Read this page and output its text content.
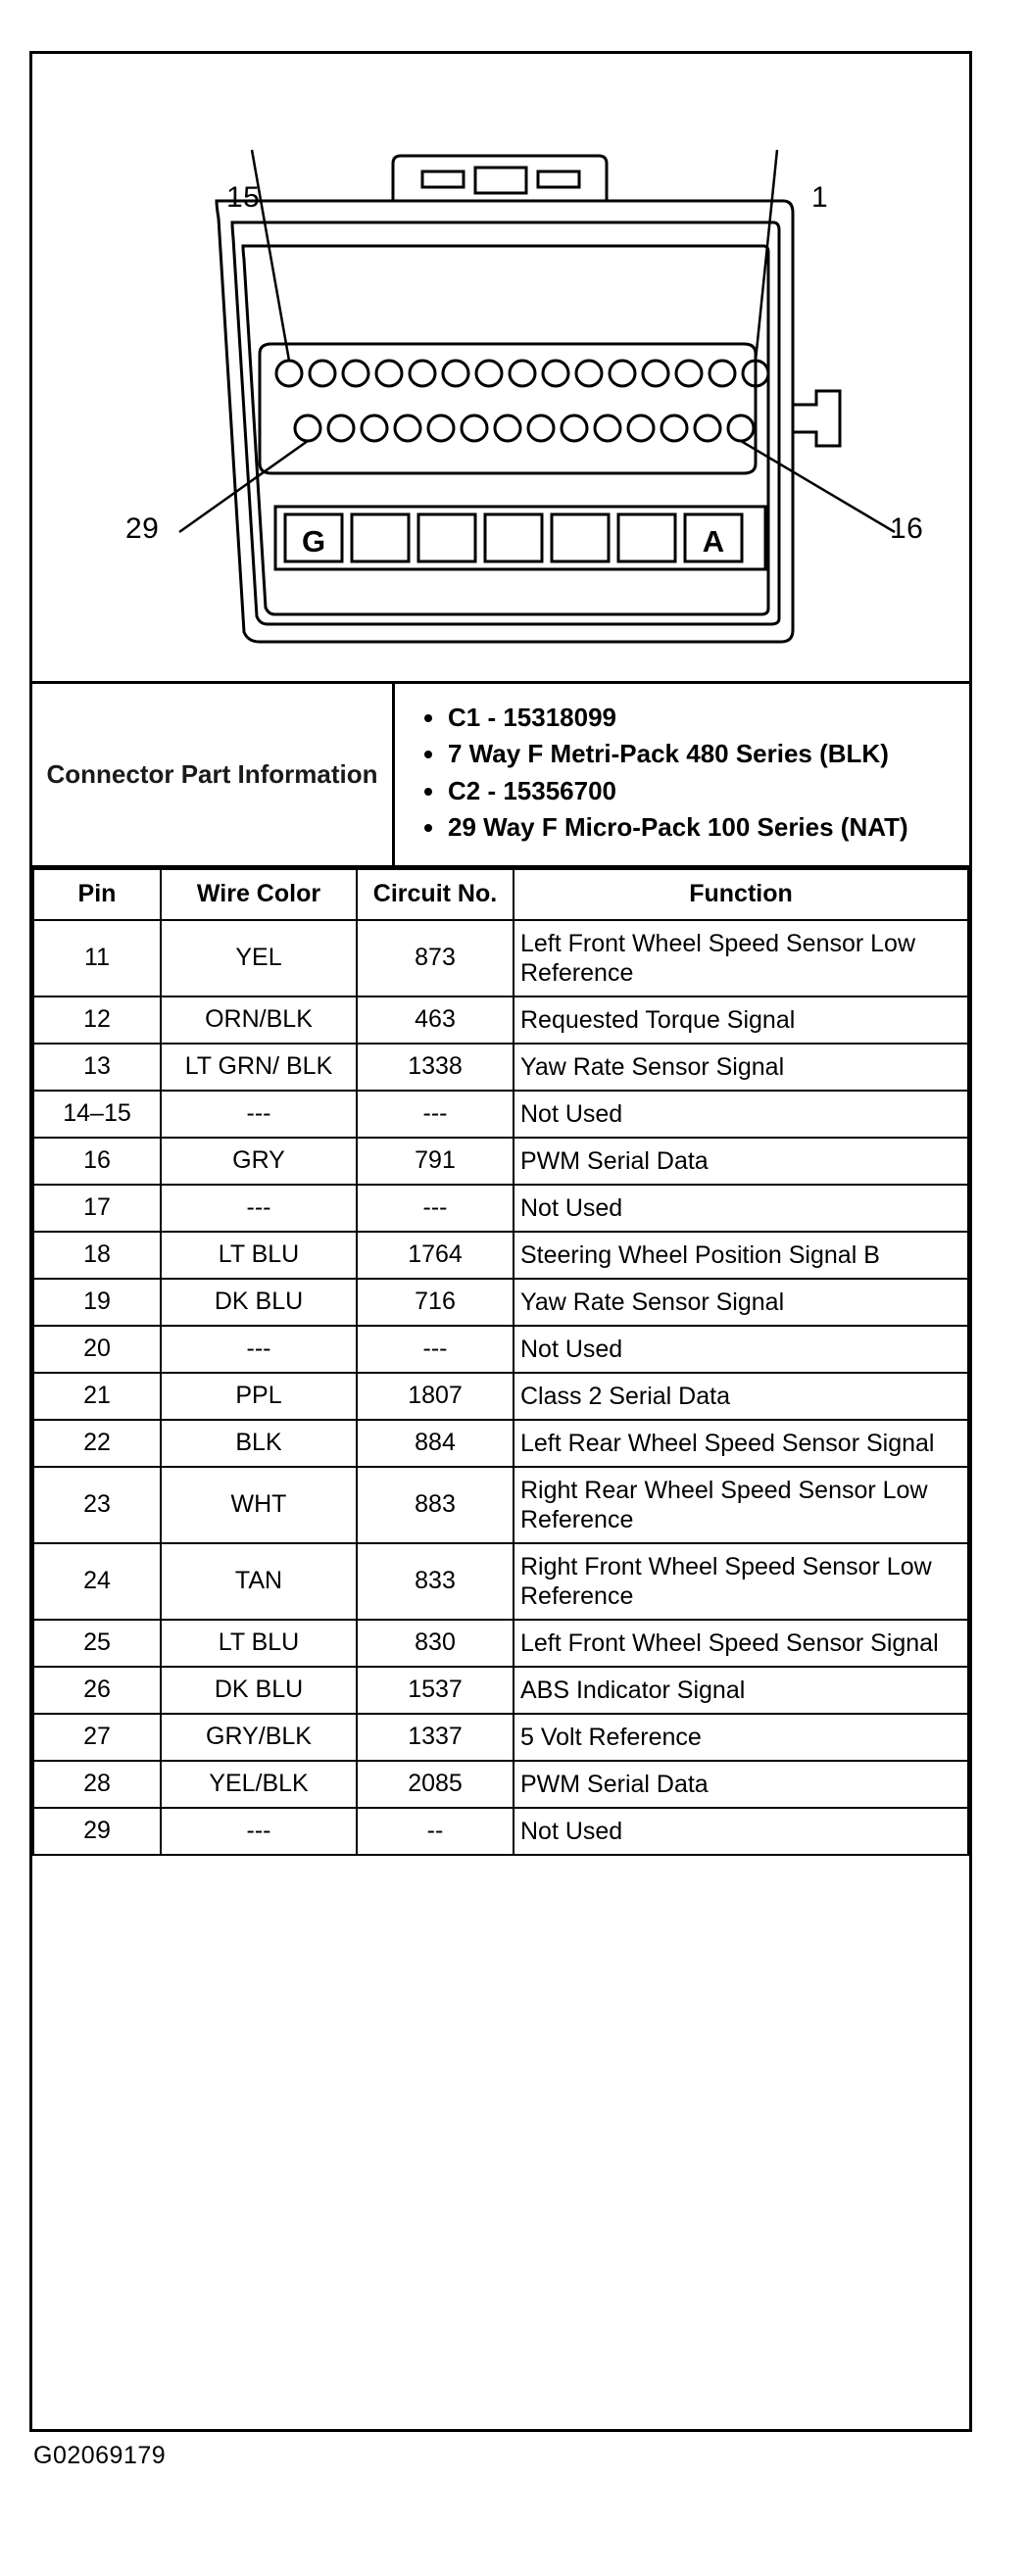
G	A
15	1
29	16
Connector Part Information
C1 - 15318099
7 Way F Metri-Pack 480 Series (BLK)
C2 - 15356700
29 Way F Micro-Pack 100 Series (NAT)
Pin	Wire Color	Circuit No.	Function
11	YEL	873	Left Front Wheel Speed Sensor Low Reference
12	ORN/BLK	463	Requested Torque Signal
13	LT GRN/ BLK	1338	Yaw Rate Sensor Signal
14–15	---	---	Not Used
16	GRY	791	PWM Serial Data
17	---	---	Not Used
18	LT BLU	1764	Steering Wheel Position Signal B
19	DK BLU	716	Yaw Rate Sensor Signal
20	---	---	Not Used
21	PPL	1807	Class 2 Serial Data
22	BLK	884	Left Rear Wheel Speed Sensor Signal
23	WHT	883	Right Rear Wheel Speed Sensor Low Reference
24	TAN	833	Right Front Wheel Speed Sensor Low Reference
25	LT BLU	830	Left Front Wheel Speed Sensor Signal
26	DK BLU	1537	ABS Indicator Signal
27	GRY/BLK	1337	5 Volt Reference
28	YEL/BLK	2085	PWM Serial Data
29	---	--	Not Used
G02069179
